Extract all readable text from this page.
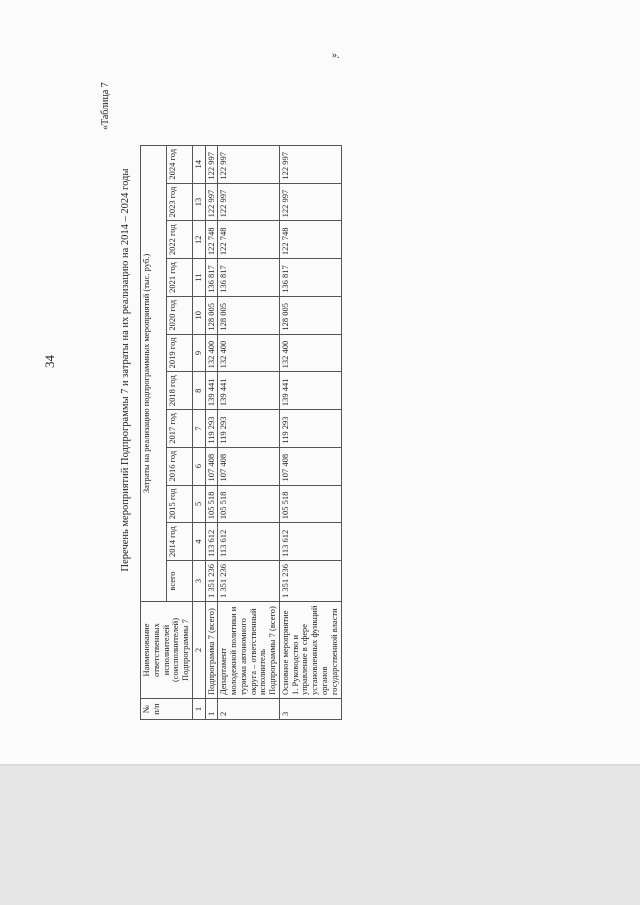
34
«Таблица 7
Перечень мероприятий Подпрограммы 7 и затраты на их реализацию на 2014 – 2024 годы
№ п/п	Наименование ответственных исполнителей (соисполнителей) Подпрограммы 7	Затраты на реализацию подпрограммных мероприятий (тыс. руб.)											
		всего	2014 год	2015 год	2016 год	2017 год	2018 год	2019 год	2020 год	2021 год	2022 год	2023 год	2024 год
1	2	3	4	5	6	7	8	9	10	11	12	13	14
1	Подпрограмма 7 (всего)	1 351 236	113 612	105 518	107 408	119 293	139 441	132 400	128 005	136 817	122 748	122 997	122 997
2	Департамент молодежной политики и туризма автономного округа – ответственный исполнитель Подпрограммы 7 (всего)	1 351 236	113 612	105 518	107 408	119 293	139 441	132 400	128 005	136 817	122 748	122 997	122 997
3	Основное мероприятие 1. Руководство и управление в сфере установленных функций органов государственной власти	1 351 236	113 612	105 518	107 408	119 293	139 441	132 400	128 005	136 817	122 748	122 997	122 997
».
